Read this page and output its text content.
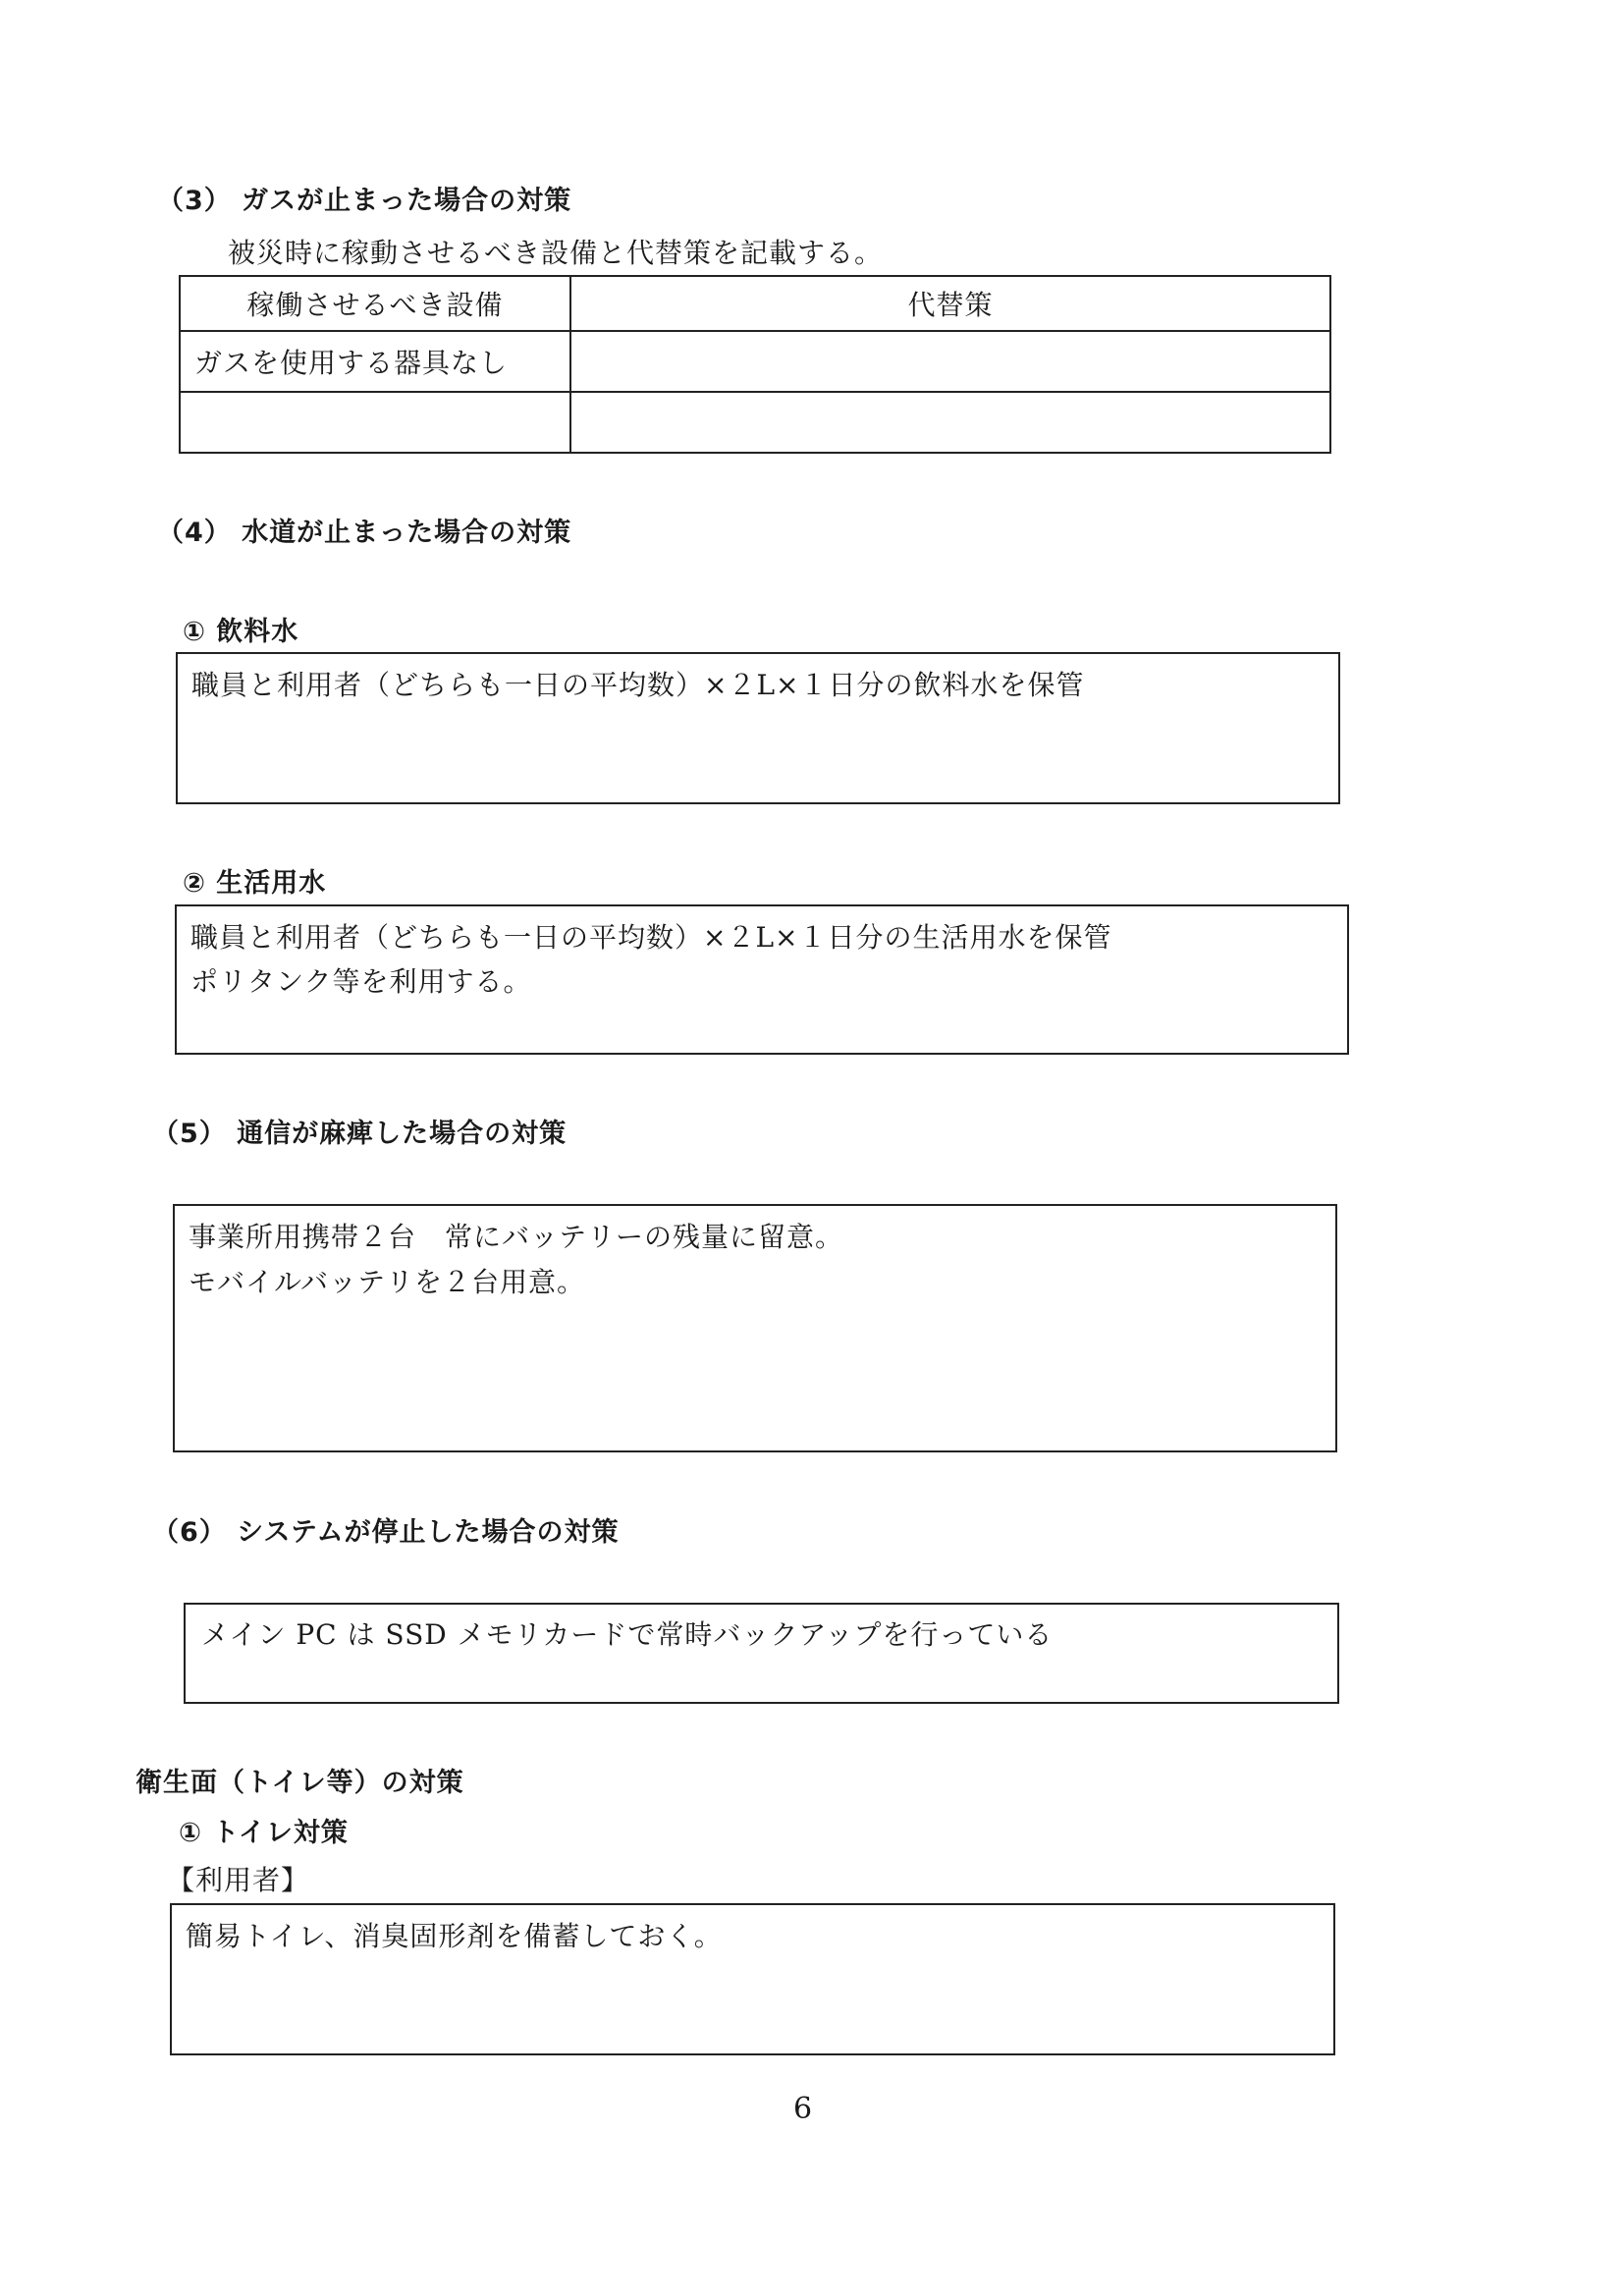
（3） ガスが止まった場合の対策
被災時に稼動させるべき設備と代替策を記載する。
稼働させるべき設備	代替策
ガスを使用する器具なし	

（4） 水道が止まった場合の対策
① 飲料水
職員と利用者（どちらも一日の平均数）×２L×１日分の飲料水を保管
② 生活用水
職員と利用者（どちらも一日の平均数）×２L×１日分の生活用水を保管
ポリタンク等を利用する。
（5） 通信が麻痺した場合の対策
事業所用携帯２台　常にバッテリーの残量に留意。
モバイルバッテリを２台用意。
（6） システムが停止した場合の対策
メイン PC は SSD メモリカードで常時バックアップを行っている
衛生面（トイレ等）の対策
① トイレ対策
【利用者】
簡易トイレ、消臭固形剤を備蓄しておく。
6
